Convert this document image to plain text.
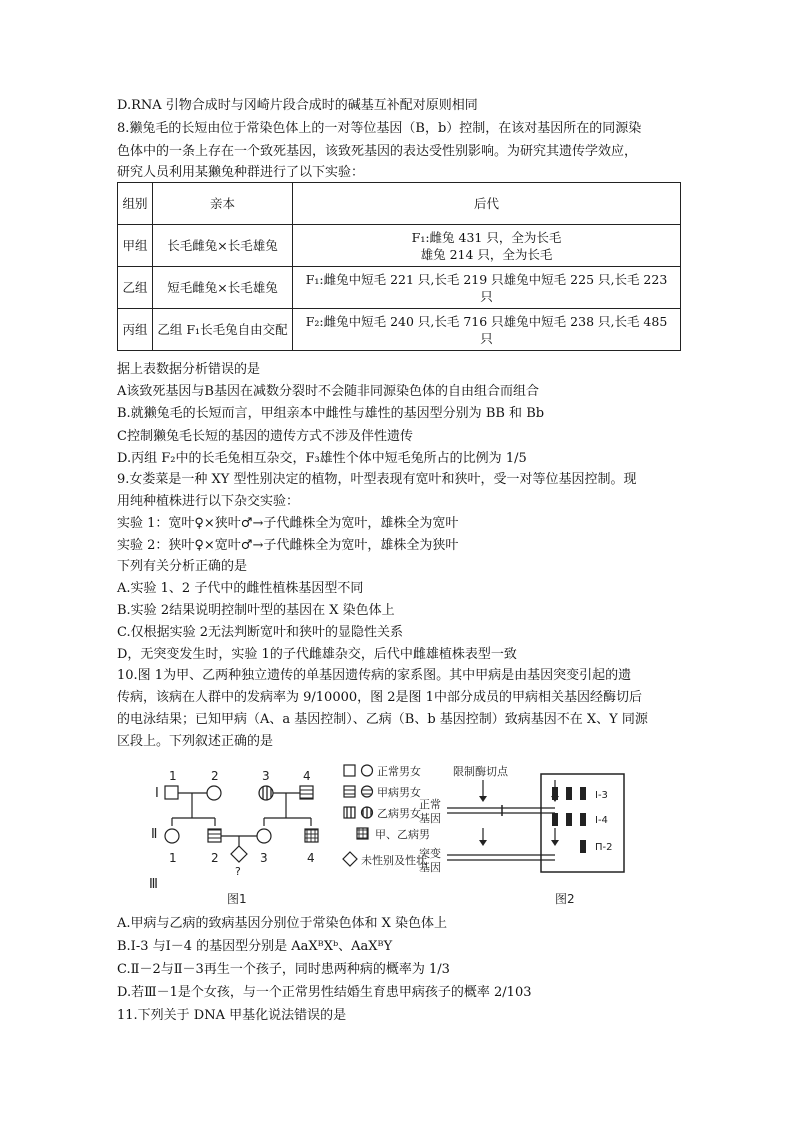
D.RNA 引物合成时与冈崎片段合成时的碱基互补配对原则相同
8.獭兔毛的长短由位于常染色体上的一对等位基因（B，b）控制，在该对基因所在的同源染
色体中的一条上存在一个致死基因，该致死基因的表达受性别影响。为研究其遗传学效应，
研究人员利用某獭兔种群进行了以下实验：
组别	亲本	后代
甲组	长毛雌兔×长毛雄兔	F₁:雌兔 431 只，全为长毛
雄兔 214 只，全为长毛

乙组	短毛雌兔×长毛雄兔	F₁:雌兔中短毛 221 只,长毛 219 只雄兔中短毛 225 只,长毛 223
只

丙组	乙组 F₁长毛兔自由交配	F₂:雌兔中短毛 240 只,长毛 716 只雄兔中短毛 238 只,长毛 485
只
据上表数据分析错误的是
A该致死基因与B基因在减数分裂时不会随非同源染色体的自由组合而组合
B.就獭兔毛的长短而言，甲组亲本中雌性与雄性的基因型分别为 BB 和 Bb
C控制獭兔毛长短的基因的遗传方式不涉及伴性遗传
D.丙组 F₂中的长毛兔相互杂交，F₃雄性个体中短毛兔所占的比例为 1/5
9.女娄菜是一种 XY 型性别决定的植物，叶型表现有宽叶和狭叶，受一对等位基因控制。现
用纯种植株进行以下杂交实验：
实验 1：宽叶♀×狭叶♂→子代雌株全为宽叶，雄株全为宽叶
实验 2：狭叶♀×宽叶♂→子代雌株全为宽叶，雄株全为狭叶
下列有关分析正确的是
A.实验 1、2 子代中的雌性植株基因型不同
B.实验 2结果说明控制叶型的基因在 X 染色体上
C.仅根据实验 2无法判断宽叶和狭叶的显隐性关系
D，无突变发生时，实验 1的子代雌雄杂交，后代中雌雄植株表型一致
10.图 1为甲、乙两种独立遗传的单基因遗传病的家系图。其中甲病是由基因突变引起的遗
传病，该病在人群中的发病率为 9/10000，图 2是图 1中部分成员的甲病相关基因经酶切后
的电泳结果；已知甲病（A、a 基因控制）、乙病（B、b 基因控制）致病基因不在 X、Y 同源
区段上。下列叙述正确的是
Ⅰ
Ⅱ
Ⅲ
1	2	3	4
1	2	3	4
?
图1
正常男女
甲病男女
乙病男女
甲、乙病男
未性别及性状
限制酶切点
正常
基因
突变
基因
图2
I-3
I-4
Π-2
A.甲病与乙病的致病基因分别位于常染色体和 X 染色体上
B.I-3 与Ⅰ－4 的基因型分别是 AaXᴮXᵇ、AaXᴮY
C.Ⅱ－2与Ⅱ－3再生一个孩子，同时患两种病的概率为 1/3
D.若Ⅲ－1是个女孩，与一个正常男性结婚生育患甲病孩子的概率 2/103
11.下列关于 DNA 甲基化说法错误的是
